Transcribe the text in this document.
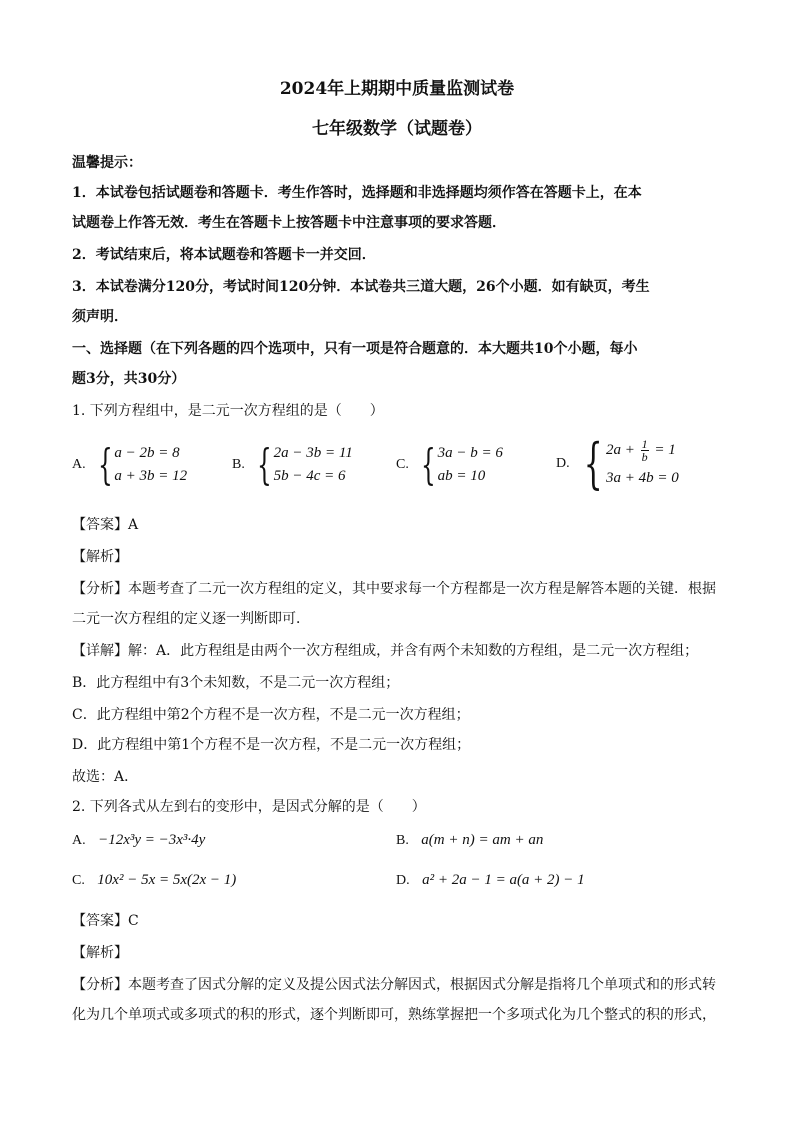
2024年上期期中质量监测试卷
七年级数学（试题卷）
温馨提示：
1．本试卷包括试题卷和答题卡．考生作答时，选择题和非选择题均须作答在答题卡上，在本
试题卷上作答无效．考生在答题卡上按答题卡中注意事项的要求答题．
2．考试结束后，将本试题卷和答题卡一并交回．
3．本试卷满分120分，考试时间120分钟．本试卷共三道大题，26个小题．如有缺页，考生
须声明．
一、选择题（在下列各题的四个选项中，只有一项是符合题意的．本大题共10个小题，每小
题3分，共30分）
1. 下列方程组中，是二元一次方程组的是（　　）
A. { a − 2b = 8
a + 3b = 12
B. { 2a − 3b = 11
5b − 4c = 6
C. { 3a − b = 6
ab = 10
D. { $2a + \frac{1}{b} = 1$
3a + 4b = 0
【答案】A
【解析】
【分析】本题考查了二元一次方程组的定义，其中要求每一个方程都是一次方程是解答本题的关键．根据
二元一次方程组的定义逐一判断即可．
【详解】解：A．此方程组是由两个一次方程组成，并含有两个未知数的方程组，是二元一次方程组；
B．此方程组中有3个未知数，不是二元一次方程组；
C．此方程组中第2个方程不是一次方程，不是二元一次方程组；
D．此方程组中第1个方程不是一次方程，不是二元一次方程组；
故选：A．
2. 下列各式从左到右的变形中，是因式分解的是（　　）
A. −12x³y = −3x³·4y	B. a(m + n) = am + an
C. 10x² − 5x = 5x(2x − 1)	D. a² + 2a − 1 = a(a + 2) − 1
【答案】C
【解析】
【分析】本题考查了因式分解的定义及提公因式法分解因式，根据因式分解是指将几个单项式和的形式转
化为几个单项式或多项式的积的形式，逐个判断即可，熟练掌握把一个多项式化为几个整式的积的形式，
